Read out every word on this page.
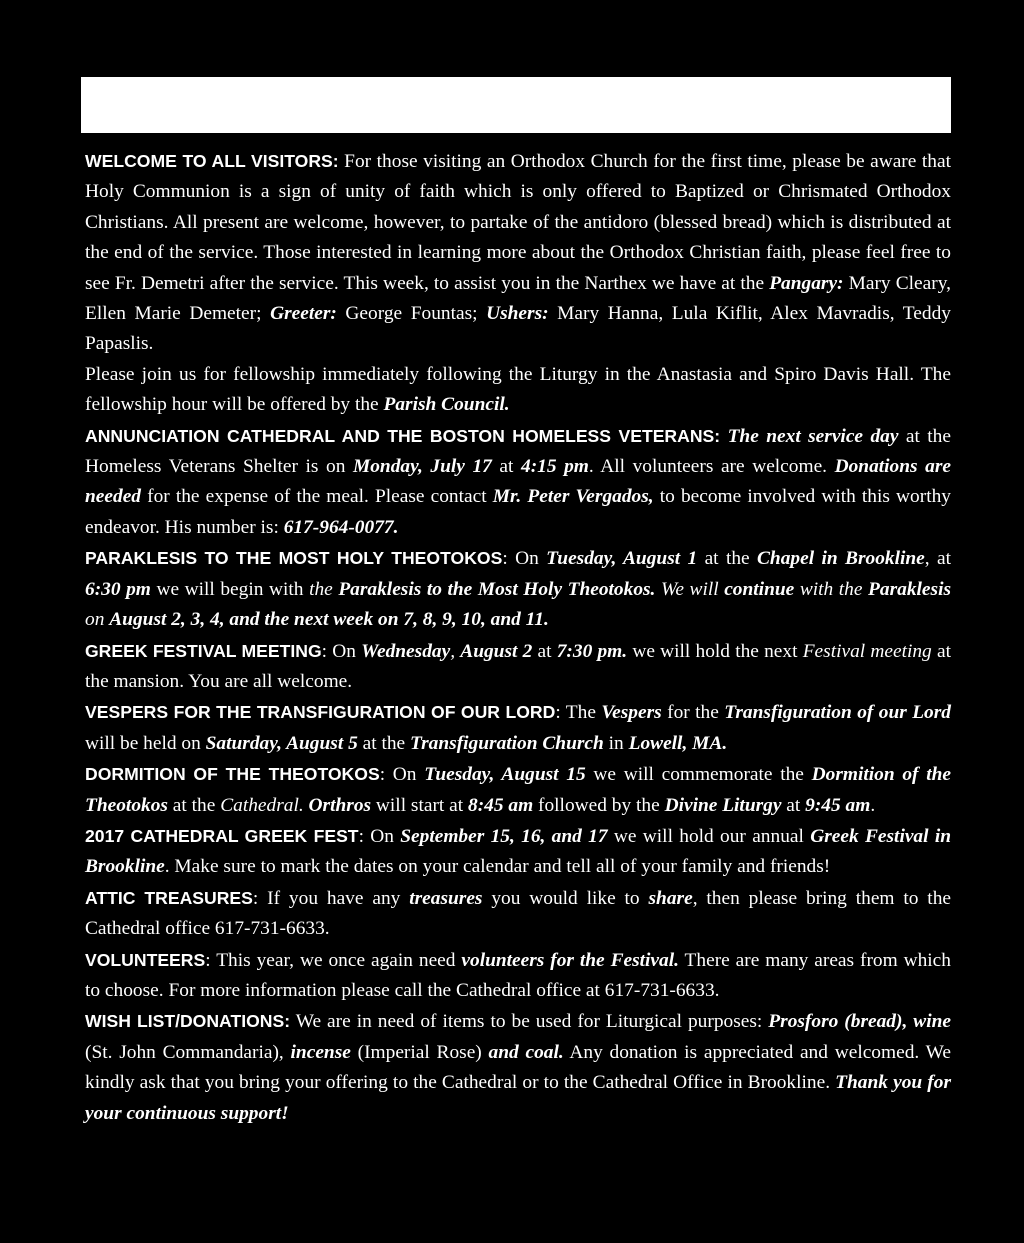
WELCOME TO ALL VISITORS: For those visiting an Orthodox Church for the first time, please be aware that Holy Communion is a sign of unity of faith which is only offered to Baptized or Chrismated Orthodox Christians. All present are welcome, however, to partake of the antidoro (blessed bread) which is distributed at the end of the service. Those interested in learning more about the Orthodox Christian faith, please feel free to see Fr. Demetri after the service. This week, to assist you in the Narthex we have at the Pangary: Mary Cleary, Ellen Marie Demeter; Greeter: George Fountas; Ushers: Mary Hanna, Lula Kiflit, Alex Mavradis, Teddy Papaslis.

Please join us for fellowship immediately following the Liturgy in the Anastasia and Spiro Davis Hall. The fellowship hour will be offered by the Parish Council.

ANNUNCIATION CATHEDRAL AND THE BOSTON HOMELESS VETERANS: The next service day at the Homeless Veterans Shelter is on Monday, July 17 at 4:15 pm. All volunteers are welcome. Donations are needed for the expense of the meal. Please contact Mr. Peter Vergados, to become involved with this worthy endeavor. His number is: 617-964-0077.

PARAKLESIS TO THE MOST HOLY THEOTOKOS: On Tuesday, August 1 at the Chapel in Brookline, at 6:30 pm we will begin with the Paraklesis to the Most Holy Theotokos. We will continue with the Paraklesis on August 2, 3, 4, and the next week on 7, 8, 9, 10, and 11.

GREEK FESTIVAL MEETING: On Wednesday, August 2 at 7:30 pm. we will hold the next Festival meeting at the mansion. You are all welcome.

VESPERS FOR THE TRANSFIGURATION OF OUR LORD: The Vespers for the Transfiguration of our Lord will be held on Saturday, August 5 at the Transfiguration Church in Lowell, MA.

DORMITION OF THE THEOTOKOS: On Tuesday, August 15 we will commemorate the Dormition of the Theotokos at the Cathedral. Orthros will start at 8:45 am followed by the Divine Liturgy at 9:45 am.

2017 CATHEDRAL GREEK FEST: On September 15, 16, and 17 we will hold our annual Greek Festival in Brookline. Make sure to mark the dates on your calendar and tell all of your family and friends!

ATTIC TREASURES: If you have any treasures you would like to share, then please bring them to the Cathedral office 617-731-6633.

VOLUNTEERS: This year, we once again need volunteers for the Festival. There are many areas from which to choose. For more information please call the Cathedral office at 617-731-6633.

WISH LIST/DONATIONS: We are in need of items to be used for Liturgical purposes: Prosforo (bread), wine (St. John Commandaria), incense (Imperial Rose) and coal. Any donation is appreciated and welcomed. We kindly ask that you bring your offering to the Cathedral or to the Cathedral Office in Brookline. Thank you for your continuous support!
